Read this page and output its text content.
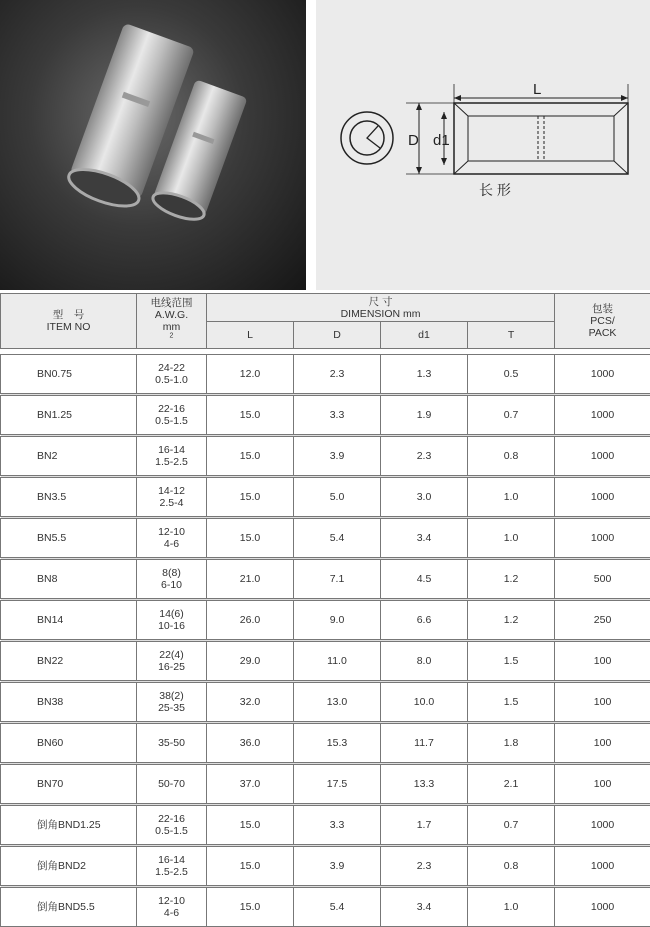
D d1
L
长 形
型　号
ITEM NO	电线范围
A.W.G.
mm
$^2$	尺 寸
DIMENSION mm				包装
PCS/
PACK

		L	D	d1	T	

BN0.75	24-22
0.5-1.0	12.0	2.3	1.3	0.5	1000

BN1.25	22-16
0.5-1.5	15.0	3.3	1.9	0.7	1000

BN2	16-14
1.5-2.5	15.0	3.9	2.3	0.8	1000

BN3.5	14-12
2.5-4	15.0	5.0	3.0	1.0	1000

BN5.5	12-10
4-6	15.0	5.4	3.4	1.0	1000

BN8	8(8)
6-10	21.0	7.1	4.5	1.2	500

BN14	14(6)
10-16	26.0	9.0	6.6	1.2	250

BN22	22(4)
16-25	29.0	11.0	8.0	1.5	100

BN38	38(2)
25-35	32.0	13.0	10.0	1.5	100

BN60	35-50	36.0	15.3	11.7	1.8	100

BN70	50-70	37.0	17.5	13.3	2.1	100

倒角BND1.25	22-16
0.5-1.5	15.0	3.3	1.7	0.7	1000

倒角BND2	16-14
1.5-2.5	15.0	3.9	2.3	0.8	1000

倒角BND5.5	12-10
4-6	15.0	5.4	3.4	1.0	1000
